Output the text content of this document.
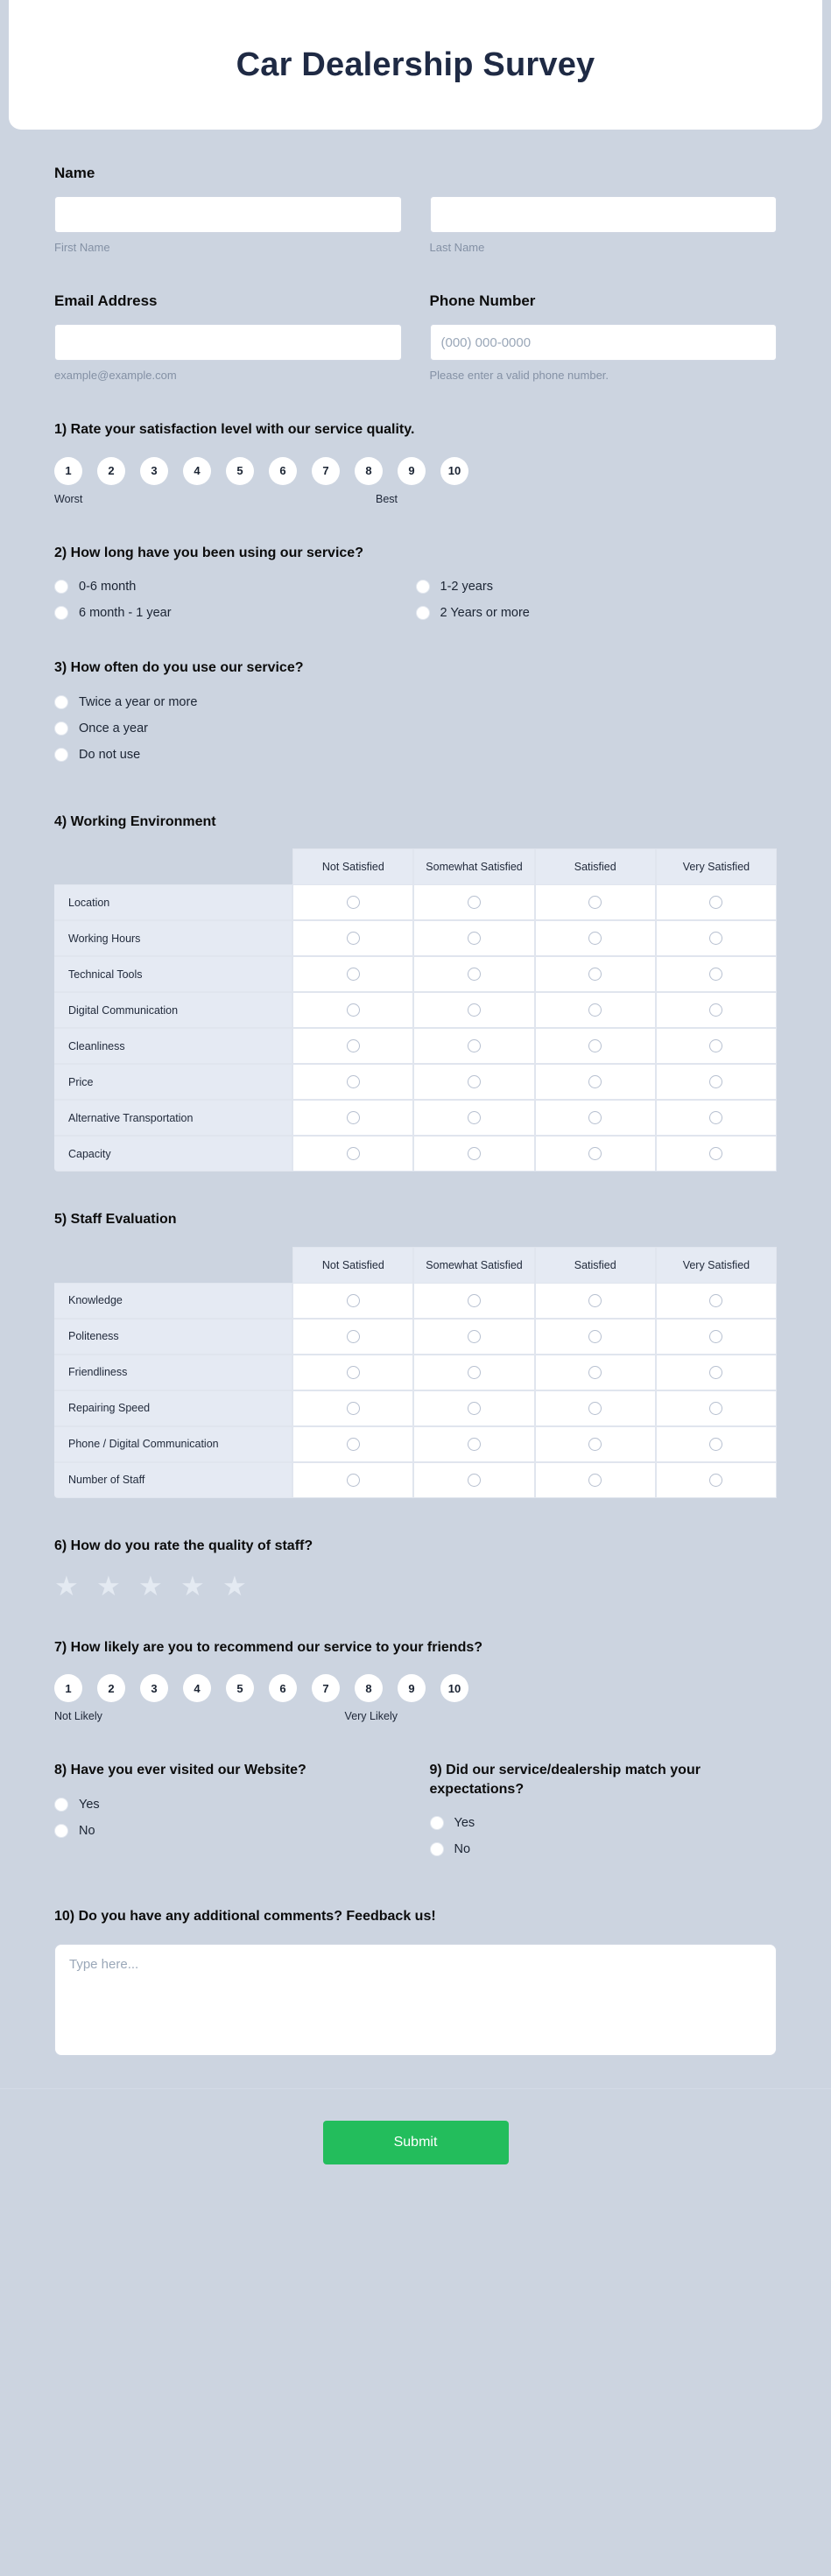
Car Dealership Survey
Name
First Name	Last Name
Email Address
example@example.com
Phone Number
(000) 000-0000
Please enter a valid phone number.
1) Rate your satisfaction level with our service quality.
1	2	3	4	5	6	7	8	9	10
Worst	Best
2) How long have you been using our service?
0-6 month
6 month - 1 year
1-2 years
2 Years or more
3) How often do you use our service?
Twice a year or more
Once a year
Do not use
4) Working Environment
	Not Satisfied	Somewhat Satisfied	Satisfied	Very Satisfied
Location				
Working Hours				
Technical Tools				
Digital Communication				
Cleanliness				
Price				
Alternative Transportation				
Capacity				
5) Staff Evaluation
	Not Satisfied	Somewhat Satisfied	Satisfied	Very Satisfied
Knowledge				
Politeness				
Friendliness				
Repairing Speed				
Phone / Digital Communication				
Number of Staff				
6) How do you rate the quality of staff?
★ ★ ★ ★ ★
7) How likely are you to recommend our service to your friends?
1	2	3	4	5	6	7	8	9	10
Not Likely	Very Likely
8) Have you ever visited our Website?
Yes
No
9) Did our service/dealership match your expectations?
Yes
No
10) Do you have any additional comments? Feedback us!
Type here...
Submit
